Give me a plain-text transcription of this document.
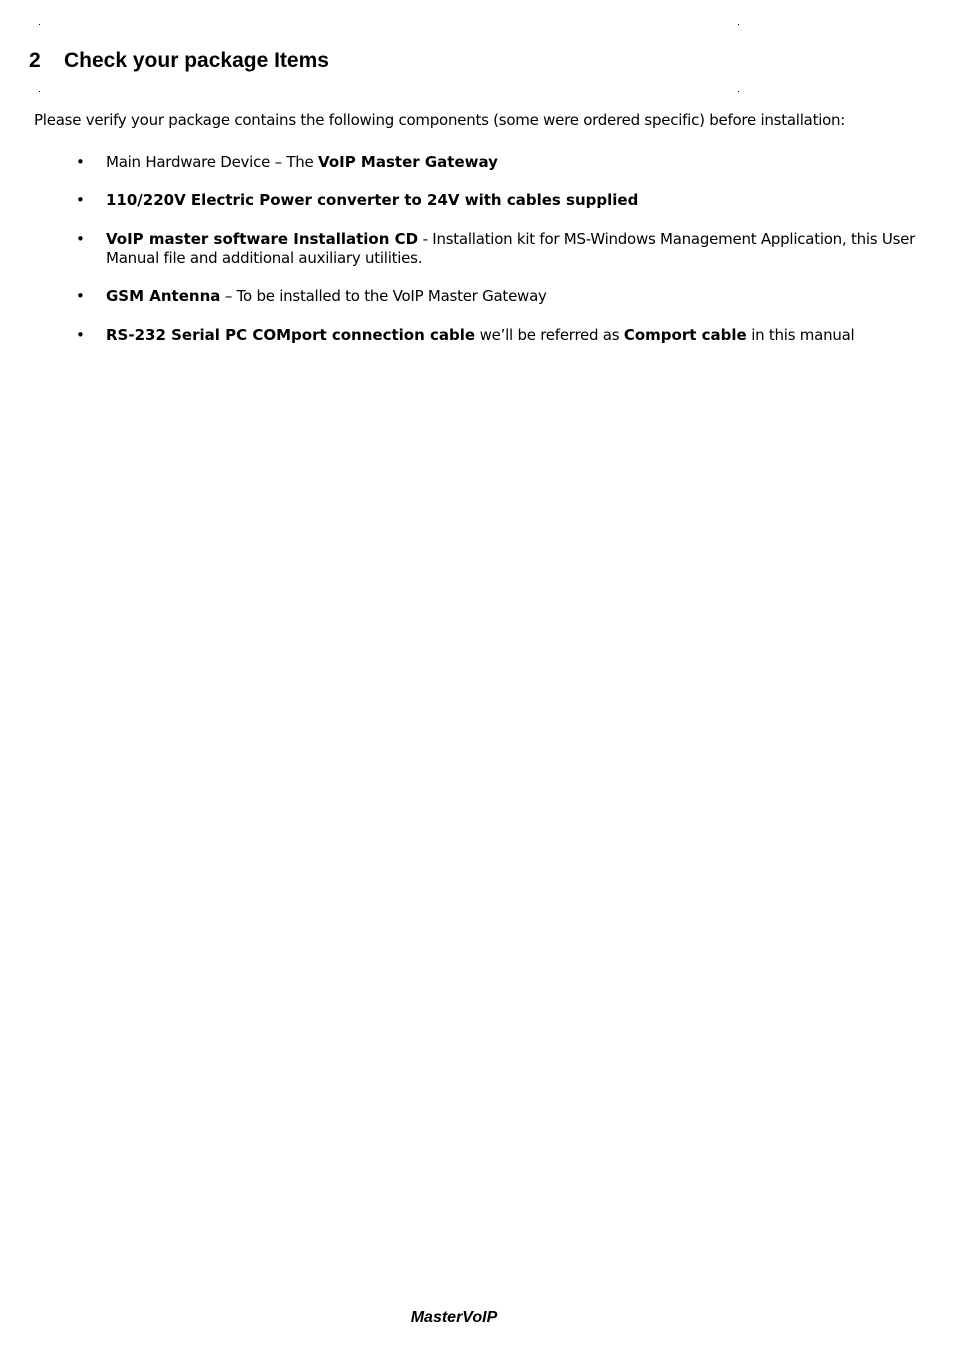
2 Check your package Items

Please verify your package contains the following components (some were ordered specific) before installation:

•	Main Hardware Device – The VoIP Master Gateway
•	110/220V Electric Power converter to 24V with cables supplied
•	VoIP master software Installation CD - Installation kit for MS-Windows Management Application, this User Manual file and additional auxiliary utilities.
•	GSM Antenna – To be installed to the VoIP Master Gateway
•	RS-232 Serial PC COMport connection cable we’ll be referred as Comport cable in this manual

MasterVoIP
